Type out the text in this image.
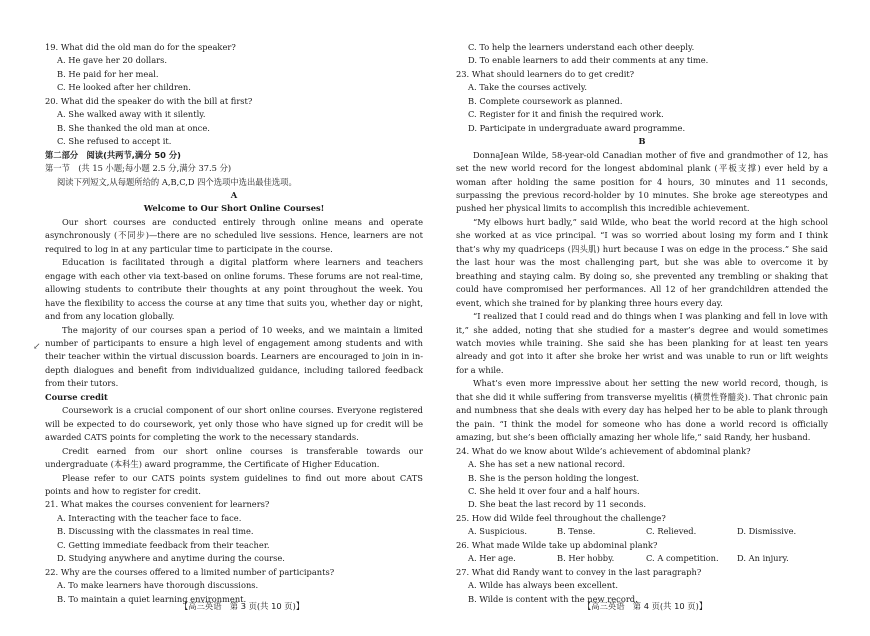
19. What did the old man do for the speaker?
A. He gave her 20 dollars.
B. He paid for her meal.
C. He looked after her children.
20. What did the speaker do with the bill at first?
A. She walked away with it silently.
B. She thanked the old man at once.
C. She refused to accept it.
第二部分　阅读(共两节,满分 50 分)
第一节　(共 15 小题;每小题 2.5 分,满分 37.5 分)
阅读下列短文,从每题所给的 A,B,C,D 四个选项中选出最佳选项。
A
Welcome to Our Short Online Courses!
Our short courses are conducted entirely through online means and operate asynchronously (不同步)—there are no scheduled live sessions. Hence, learners are not required to log in at any particular time to participate in the course.
Education is facilitated through a digital platform where learners and teachers engage with each other via text-based on online forums. These forums are not real-time, allowing students to contribute their thoughts at any point throughout the week. You have the flexibility to access the course at any time that suits you, whether day or night, and from any location globally.
The majority of our courses span a period of 10 weeks, and we maintain a limited number of participants to ensure a high level of engagement among students and with their teacher within the virtual discussion boards. Learners are encouraged to join in in-depth dialogues and benefit from individualized guidance, including tailored feedback from their tutors.
Course credit
Coursework is a crucial component of our short online courses. Everyone registered will be expected to do coursework, yet only those who have signed up for credit will be awarded CATS points for completing the work to the necessary standards.
Credit earned from our short online courses is transferable towards our undergraduate (本科生) award programme, the Certificate of Higher Education.
Please refer to our CATS points system guidelines to find out more about CATS points and how to register for credit.
21. What makes the courses convenient for learners?
A. Interacting with the teacher face to face.
B. Discussing with the classmates in real time.
C. Getting immediate feedback from their teacher.
D. Studying anywhere and anytime during the course.
22. Why are the courses offered to a limited number of participants?
A. To make learners have thorough discussions.
B. To maintain a quiet learning environment.
C. To help the learners understand each other deeply.
D. To enable learners to add their comments at any time.
23. What should learners do to get credit?
A. Take the courses actively.
B. Complete coursework as planned.
C. Register for it and finish the required work.
D. Participate in undergraduate award programme.
B
DonnaJean Wilde, 58-year-old Canadian mother of five and grandmother of 12, has set the new world record for the longest abdominal plank (平板支撑) ever held by a woman after holding the same position for 4 hours, 30 minutes and 11 seconds, surpassing the previous record-holder by 10 minutes. She broke age stereotypes and pushed her physical limits to accomplish this incredible achievement.
“My elbows hurt badly,” said Wilde, who beat the world record at the high school she worked at as vice principal. “I was so worried about losing my form and I think that’s why my quadriceps (四头肌) hurt because I was on edge in the process.” She said the last hour was the most challenging part, but she was able to overcome it by breathing and staying calm. By doing so, she prevented any trembling or shaking that could have compromised her performances. All 12 of her grandchildren attended the event, which she trained for by planking three hours every day.
“I realized that I could read and do things when I was planking and fell in love with it,” she added, noting that she studied for a master’s degree and would sometimes watch movies while training. She said she has been planking for at least ten years already and got into it after she broke her wrist and was unable to run or lift weights for a while.
What’s even more impressive about her setting the new world record, though, is that she did it while suffering from transverse myelitis (横贯性脊髓炎). That chronic pain and numbness that she deals with every day has helped her to be able to plank through the pain. “I think the model for someone who has done a world record is officially amazing, but she’s been officially amazing her whole life,” said Randy, her husband.
24. What do we know about Wilde’s achievement of abdominal plank?
A. She has set a new national record.
B. She is the person holding the longest.
C. She held it over four and a half hours.
D. She beat the last record by 11 seconds.
25. How did Wilde feel throughout the challenge?
A. Suspicious.	B. Tense.	C. Relieved.	D. Dismissive.
26. What made Wilde take up abdominal plank?
A. Her age.	B. Her hobby.	C. A competition.	D. An injury.
27. What did Randy want to convey in the last paragraph?
A. Wilde has always been excellent.
B. Wilde is content with the new record.
↙
【高三英语　第 3 页(共 10 页)】	【高三英语　第 4 页(共 10 页)】
